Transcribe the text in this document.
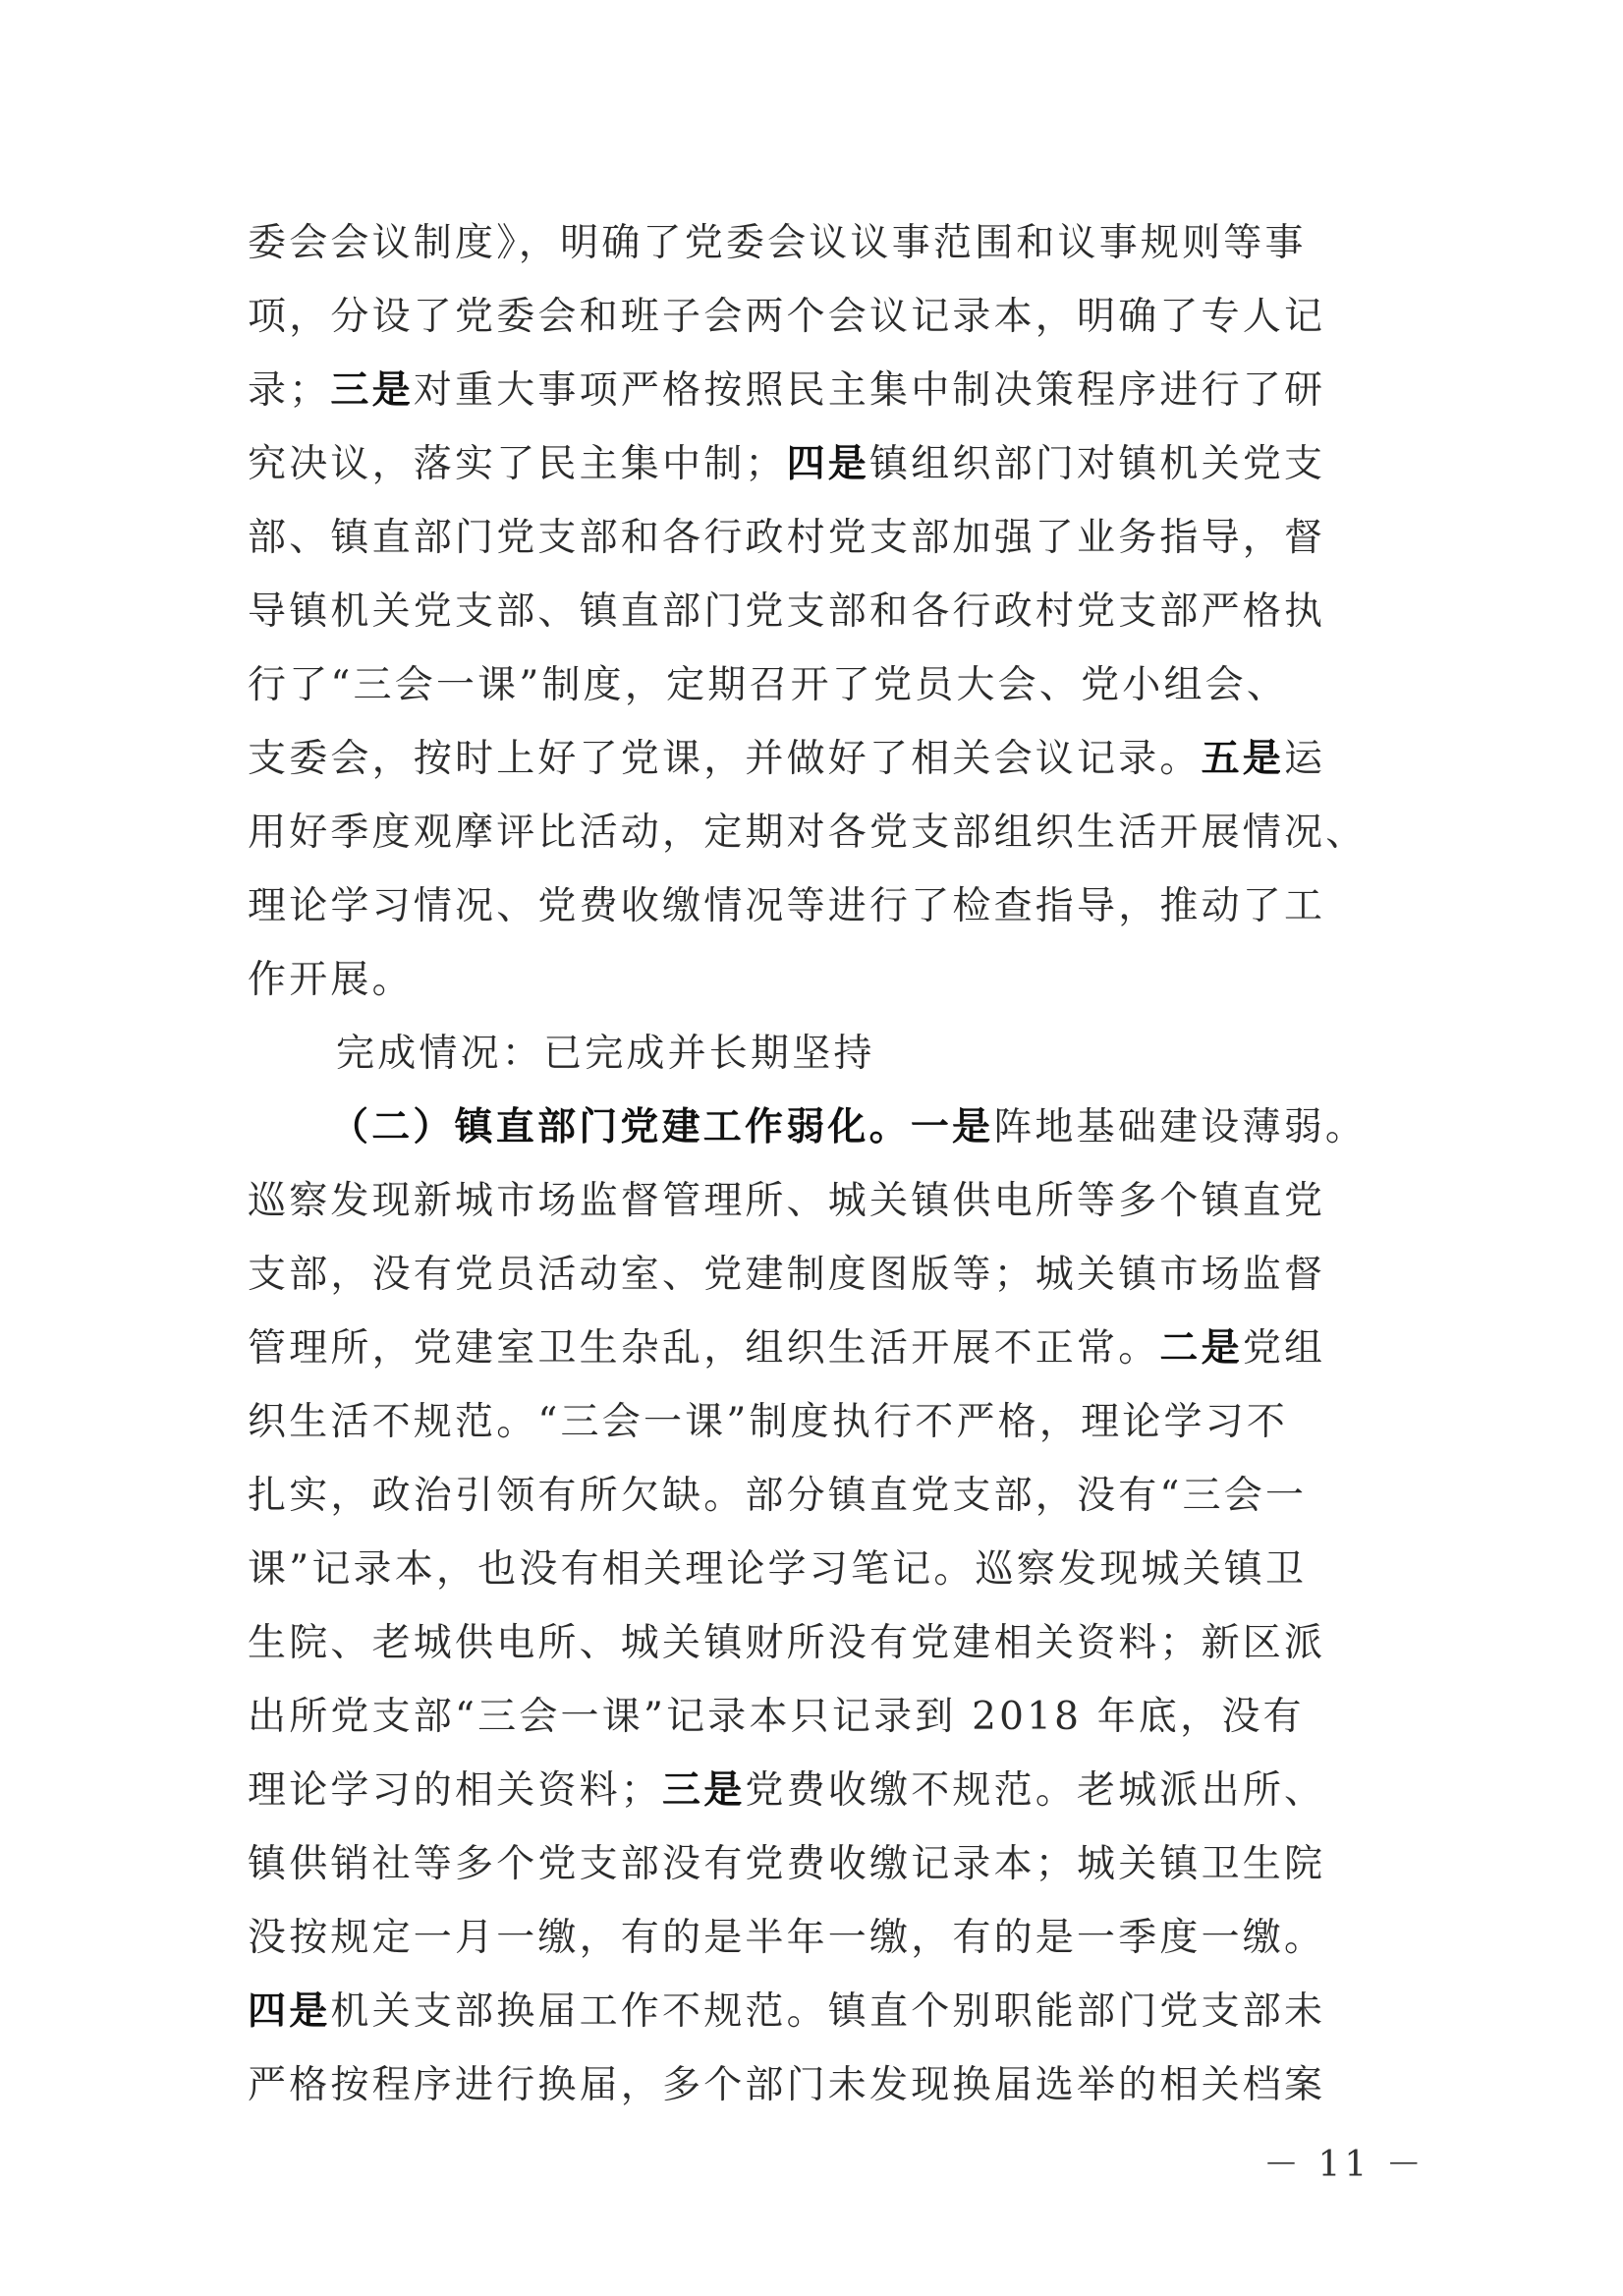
委会会议制度》，明确了党委会议议事范围和议事规则等事
项，分设了党委会和班子会两个会议记录本，明确了专人记
录；三是对重大事项严格按照民主集中制决策程序进行了研
究决议，落实了民主集中制；四是镇组织部门对镇机关党支
部、镇直部门党支部和各行政村党支部加强了业务指导，督
导镇机关党支部、镇直部门党支部和各行政村党支部严格执
行了“三会一课”制度，定期召开了党员大会、党小组会、
支委会，按时上好了党课，并做好了相关会议记录。五是运
用好季度观摩评比活动，定期对各党支部组织生活开展情况、
理论学习情况、党费收缴情况等进行了检查指导，推动了工
作开展。
完成情况：已完成并长期坚持
（二）镇直部门党建工作弱化。一是阵地基础建设薄弱。
巡察发现新城市场监督管理所、城关镇供电所等多个镇直党
支部，没有党员活动室、党建制度图版等；城关镇市场监督
管理所，党建室卫生杂乱，组织生活开展不正常。二是党组
织生活不规范。“三会一课”制度执行不严格，理论学习不
扎实，政治引领有所欠缺。部分镇直党支部，没有“三会一
课”记录本，也没有相关理论学习笔记。巡察发现城关镇卫
生院、老城供电所、城关镇财所没有党建相关资料；新区派
出所党支部“三会一课”记录本只记录到 2018 年底，没有
理论学习的相关资料；三是党费收缴不规范。老城派出所、
镇供销社等多个党支部没有党费收缴记录本；城关镇卫生院
没按规定一月一缴，有的是半年一缴，有的是一季度一缴。
四是机关支部换届工作不规范。镇直个别职能部门党支部未
严格按程序进行换届，多个部门未发现换届选举的相关档案
－ 11 －
